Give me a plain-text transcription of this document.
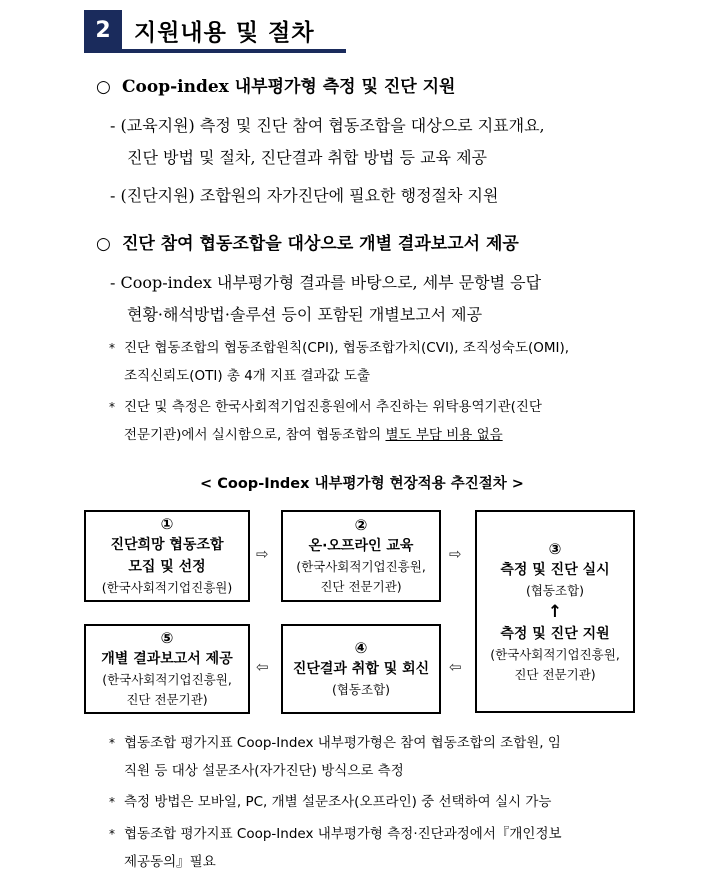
2	지원내용 및 절차
○ Coop-index 내부평가형 측정 및 진단 지원
- (교육지원) 측정 및 진단 참여 협동조합을 대상으로 지표개요,
진단 방법 및 절차, 진단결과 취합 방법 등 교육 제공
- (진단지원) 조합원의 자가진단에 필요한 행정절차 지원
○ 진단 참여 협동조합을 대상으로 개별 결과보고서 제공
- Coop-index 내부평가형 결과를 바탕으로, 세부 문항별 응답
현황·해석방법·솔루션 등이 포함된 개별보고서 제공
* 진단 협동조합의 협동조합원칙(CPI), 협동조합가치(CVI), 조직성숙도(OMI),
조직신뢰도(OTI) 총 4개 지표 결과값 도출
* 진단 및 측정은 한국사회적기업진흥원에서 추진하는 위탁용역기관(진단
전문기관)에서 실시함으로, 참여 협동조합의 별도 부담 비용 없음
< Coop-Index 내부평가형 현장적용 추진절차 >
①
진단희망 협동조합
모집 및 선정
(한국사회적기업진흥원)
⇨
②
온·오프라인 교육
(한국사회적기업진흥원,
진단 전문기관)
⇨	③
측정 및 진단 실시
(협동조합)
↑
측정 및 진단 지원
(한국사회적기업진흥원,
진단 전문기관)
⑤
개별 결과보고서 제공
(한국사회적기업진흥원,
진단 전문기관)
⇦
④
진단결과 취합 및 회신
(협동조합)
⇦
* 협동조합 평가지표 Coop-Index 내부평가형은 참여 협동조합의 조합원, 임
직원 등 대상 설문조사(자가진단) 방식으로 측정
* 측정 방법은 모바일, PC, 개별 설문조사(오프라인) 중 선택하여 실시 가능
* 협동조합 평가지표 Coop-Index 내부평가형 측정·진단과정에서『개인정보
제공동의』필요
